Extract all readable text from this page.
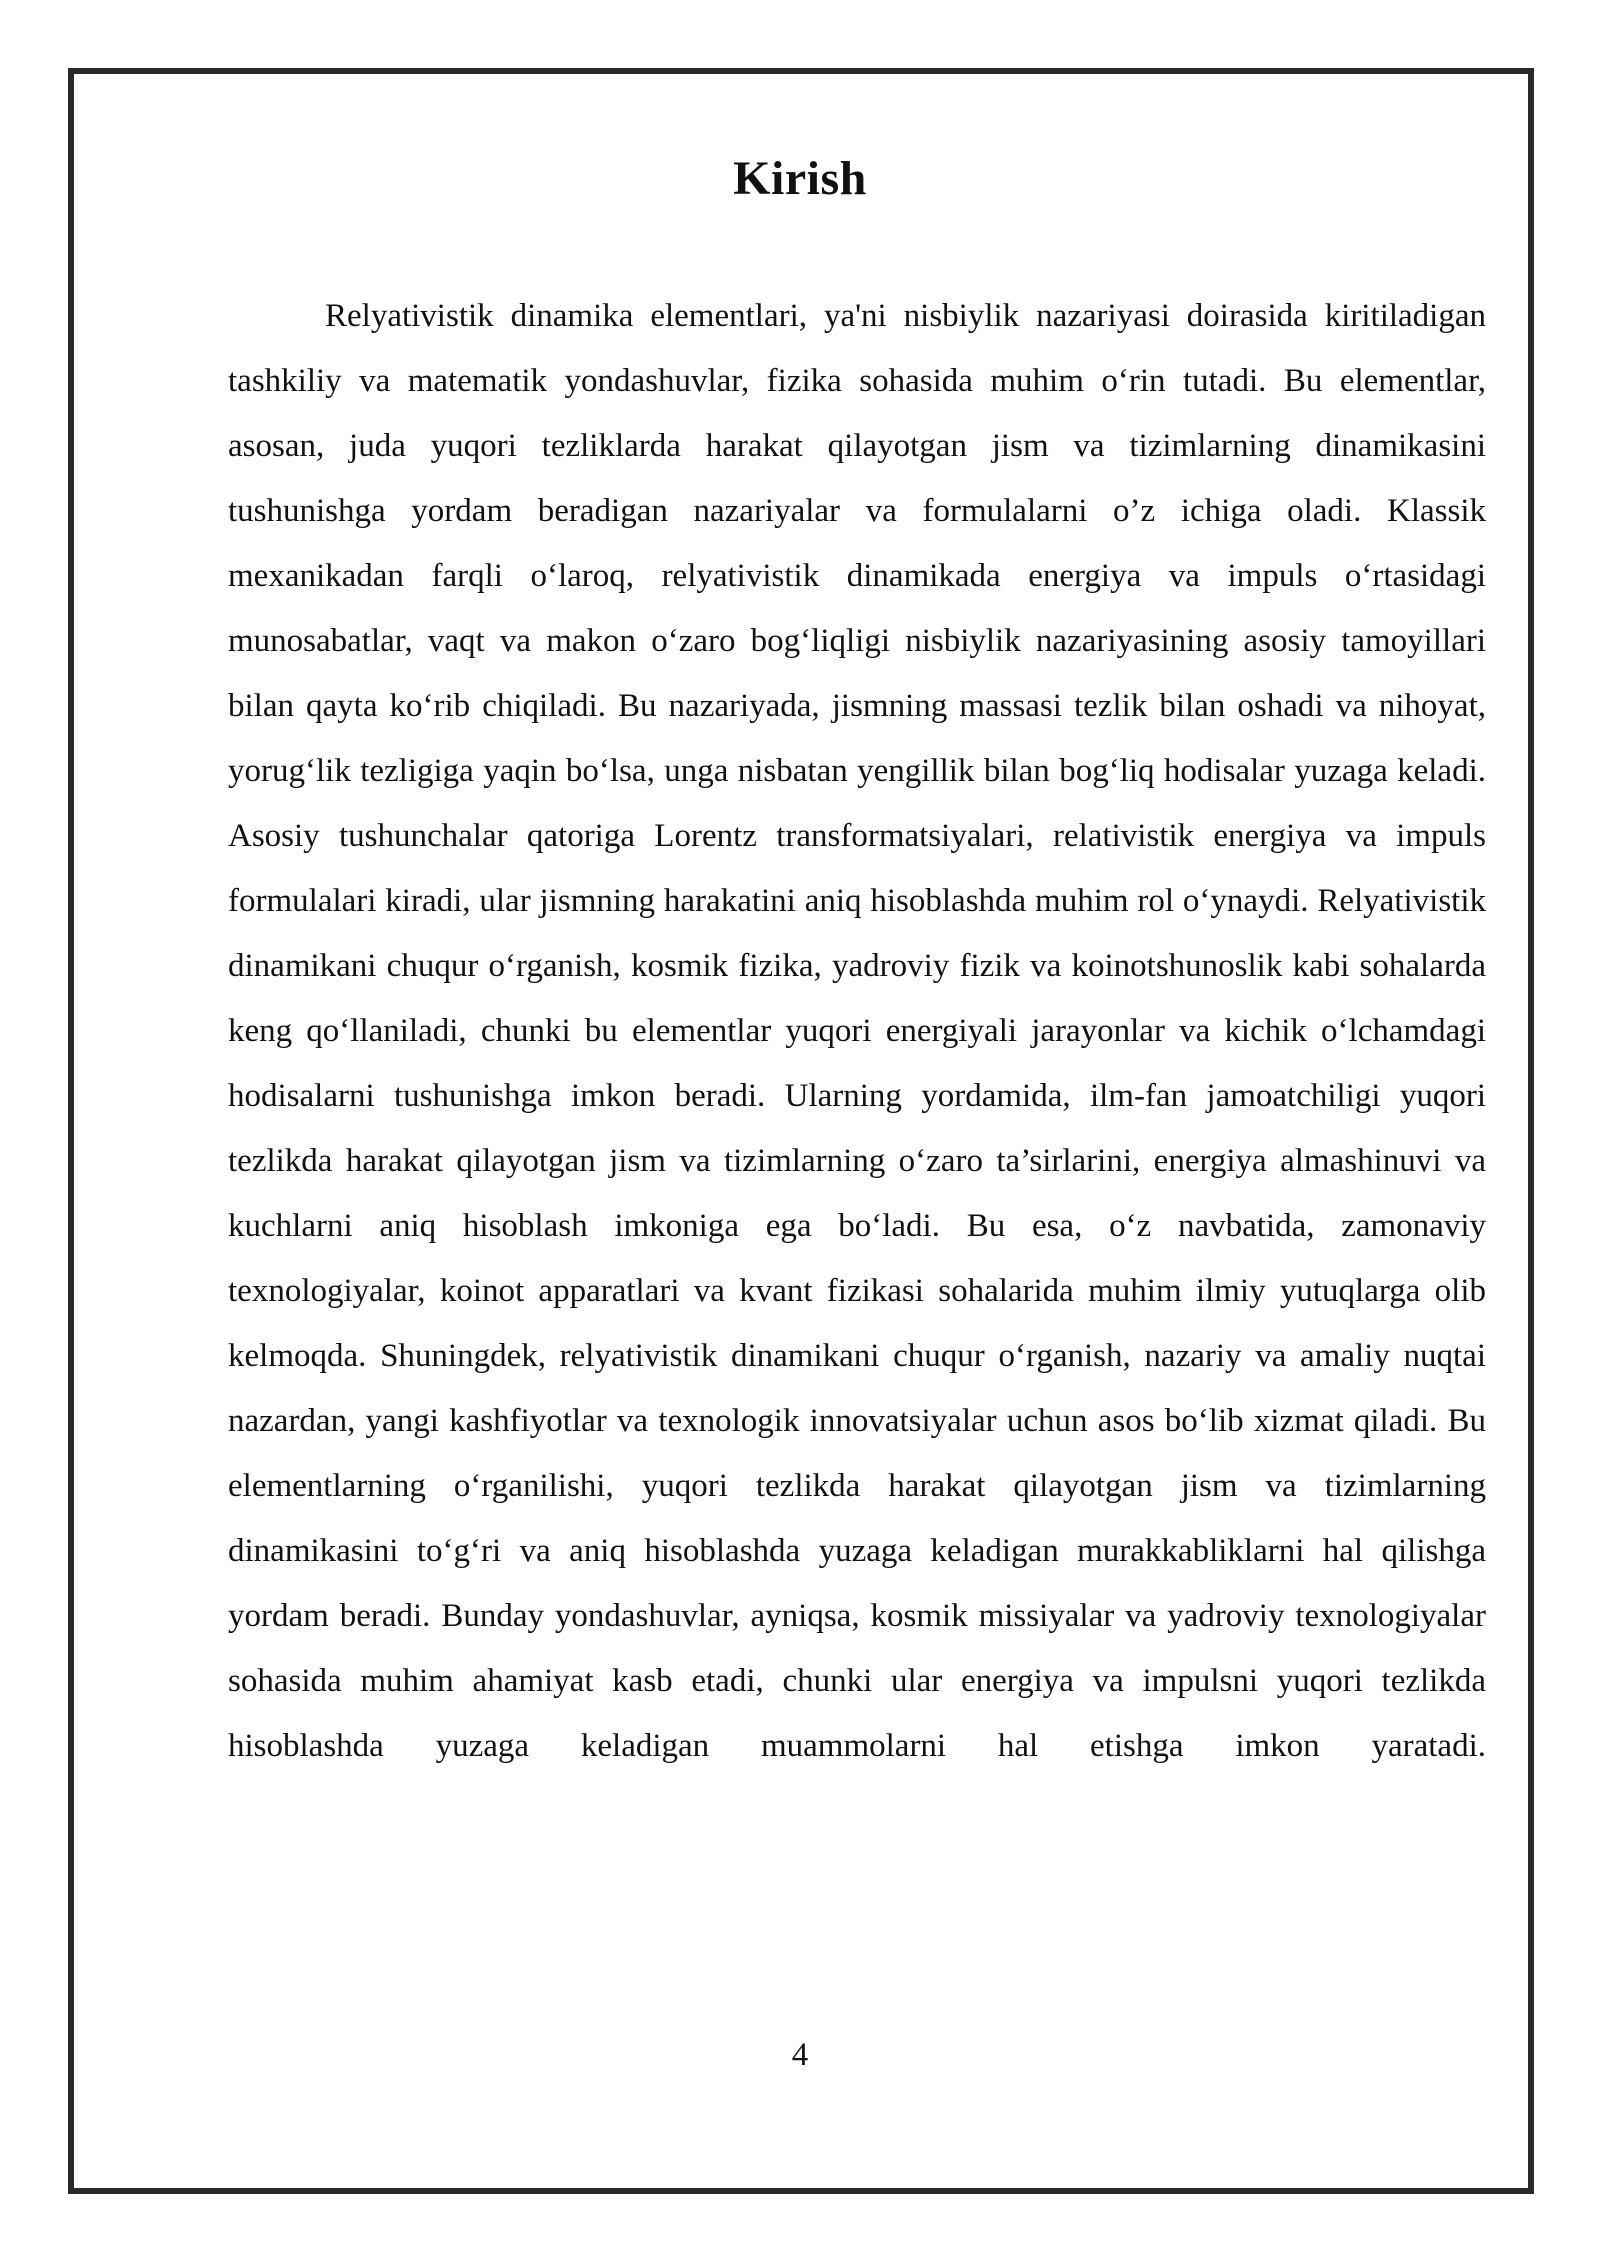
Kirish

Relyativistik dinamika elementlari, ya'ni nisbiylik nazariyasi doirasida kiritiladigan tashkiliy va matematik yondashuvlar, fizika sohasida muhim o‘rin tutadi. Bu elementlar, asosan, juda yuqori tezliklarda harakat qilayotgan jism va tizimlarning dinamikasini tushunishga yordam beradigan nazariyalar va formulalarni o’z ichiga oladi. Klassik mexanikadan farqli o‘laroq, relyativistik dinamikada energiya va impuls o‘rtasidagi munosabatlar, vaqt va makon o‘zaro bog‘liqligi nisbiylik nazariyasining asosiy tamoyillari bilan qayta ko‘rib chiqiladi. Bu nazariyada, jismning massasi tezlik bilan oshadi va nihoyat, yorug‘lik tezligiga yaqin bo‘lsa, unga nisbatan yengillik bilan bog‘liq hodisalar yuzaga keladi. Asosiy tushunchalar qatoriga Lorentz transformatsiyalari, relativistik energiya va impuls formulalari kiradi, ular jismning harakatini aniq hisoblashda muhim rol o‘ynaydi. Relyativistik dinamikani chuqur o‘rganish, kosmik fizika, yadroviy fizik va koinotshunoslik kabi sohalarda keng qo‘llaniladi, chunki bu elementlar yuqori energiyali jarayonlar va kichik o‘lchamdagi hodisalarni tushunishga imkon beradi. Ularning yordamida, ilm-fan jamoatchiligi yuqori tezlikda harakat qilayotgan jism va tizimlarning o‘zaro ta’sirlarini, energiya almashinuvi va kuchlarni aniq hisoblash imkoniga ega bo‘ladi. Bu esa, o‘z navbatida, zamonaviy texnologiyalar, koinot apparatlari va kvant fizikasi sohalarida muhim ilmiy yutuqlarga olib kelmoqda. Shuningdek, relyativistik dinamikani chuqur o‘rganish, nazariy va amaliy nuqtai nazardan, yangi kashfiyotlar va texnologik innovatsiyalar uchun asos bo‘lib xizmat qiladi. Bu elementlarning o‘rganilishi, yuqori tezlikda harakat qilayotgan jism va tizimlarning dinamikasini to‘g‘ri va aniq hisoblashda yuzaga keladigan murakkabliklarni hal qilishga yordam beradi. Bunday yondashuvlar, ayniqsa, kosmik missiyalar va yadroviy texnologiyalar sohasida muhim ahamiyat kasb etadi, chunki ular energiya va impulsni yuqori tezlikda hisoblashda yuzaga keladigan muammolarni hal etishga imkon yaratadi.

4
